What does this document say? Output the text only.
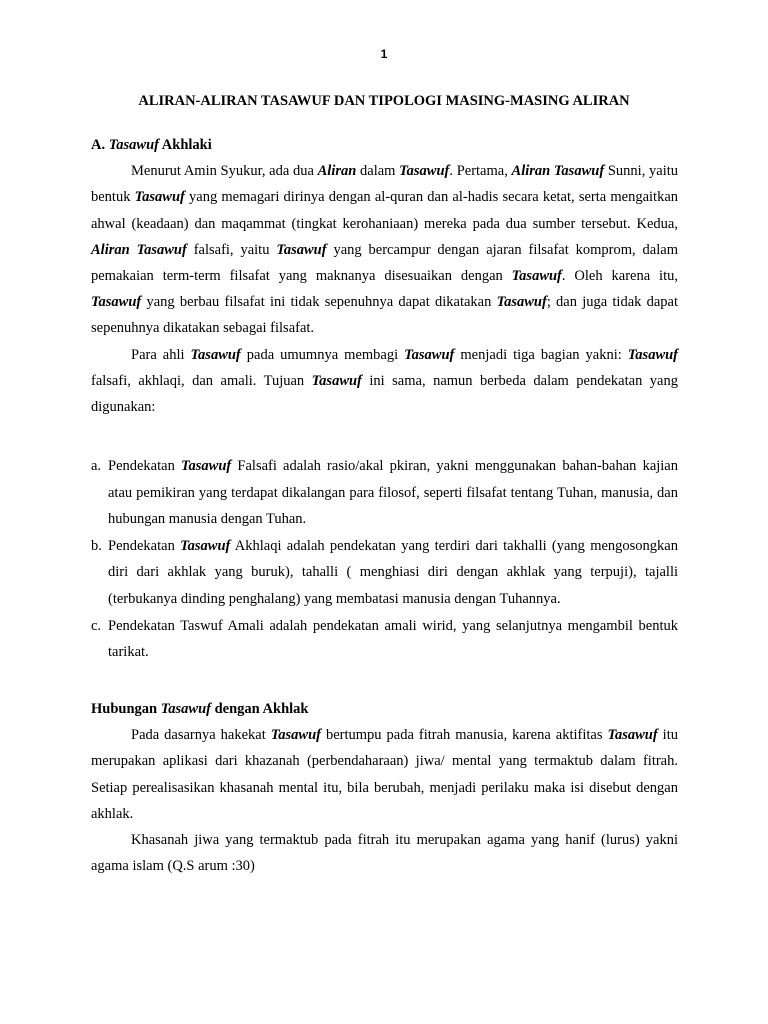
1
ALIRAN-ALIRAN TASAWUF DAN TIPOLOGI MASING-MASING ALIRAN

A. Tasawuf Akhlaki

Menurut Amin Syukur, ada dua Aliran dalam Tasawuf. Pertama, Aliran Tasawuf Sunni, yaitu bentuk Tasawuf yang memagari dirinya dengan al-quran dan al-hadis secara ketat, serta mengaitkan ahwal (keadaan) dan maqammat (tingkat kerohaniaan) mereka pada dua sumber tersebut. Kedua, Aliran Tasawuf falsafi, yaitu Tasawuf yang bercampur dengan ajaran filsafat komprom, dalam pemakaian term-term filsafat yang maknanya disesuaikan dengan Tasawuf. Oleh karena itu, Tasawuf yang berbau filsafat ini tidak sepenuhnya dapat dikatakan Tasawuf; dan juga tidak dapat sepenuhnya dikatakan sebagai filsafat.

Para ahli Tasawuf pada umumnya membagi Tasawuf menjadi tiga bagian yakni: Tasawuf falsafi, akhlaqi, dan amali. Tujuan Tasawuf ini sama, namun berbeda dalam pendekatan yang digunakan:

a. Pendekatan Tasawuf Falsafi adalah rasio/akal pkiran, yakni menggunakan bahan-bahan kajian atau pemikiran yang terdapat dikalangan para filosof, seperti filsafat tentang Tuhan, manusia, dan hubungan manusia dengan Tuhan.
b. Pendekatan Tasawuf Akhlaqi adalah pendekatan yang terdiri dari takhalli (yang mengosongkan diri dari akhlak yang buruk), tahalli ( menghiasi diri dengan akhlak yang terpuji), tajalli (terbukanya dinding penghalang) yang membatasi manusia dengan Tuhannya.
c. Pendekatan Taswuf Amali adalah pendekatan amali wirid, yang selanjutnya mengambil bentuk tarikat.

Hubungan Tasawuf dengan Akhlak

Pada dasarnya hakekat Tasawuf bertumpu pada fitrah manusia, karena aktifitas Tasawuf itu merupakan aplikasi dari khazanah (perbendaharaan) jiwa/ mental yang termaktub dalam fitrah. Setiap perealisasikan khasanah mental itu, bila berubah, menjadi perilaku maka isi disebut dengan akhlak.

Khasanah jiwa yang termaktub pada fitrah itu merupakan agama yang hanif (lurus) yakni agama islam (Q.S arum :30)
